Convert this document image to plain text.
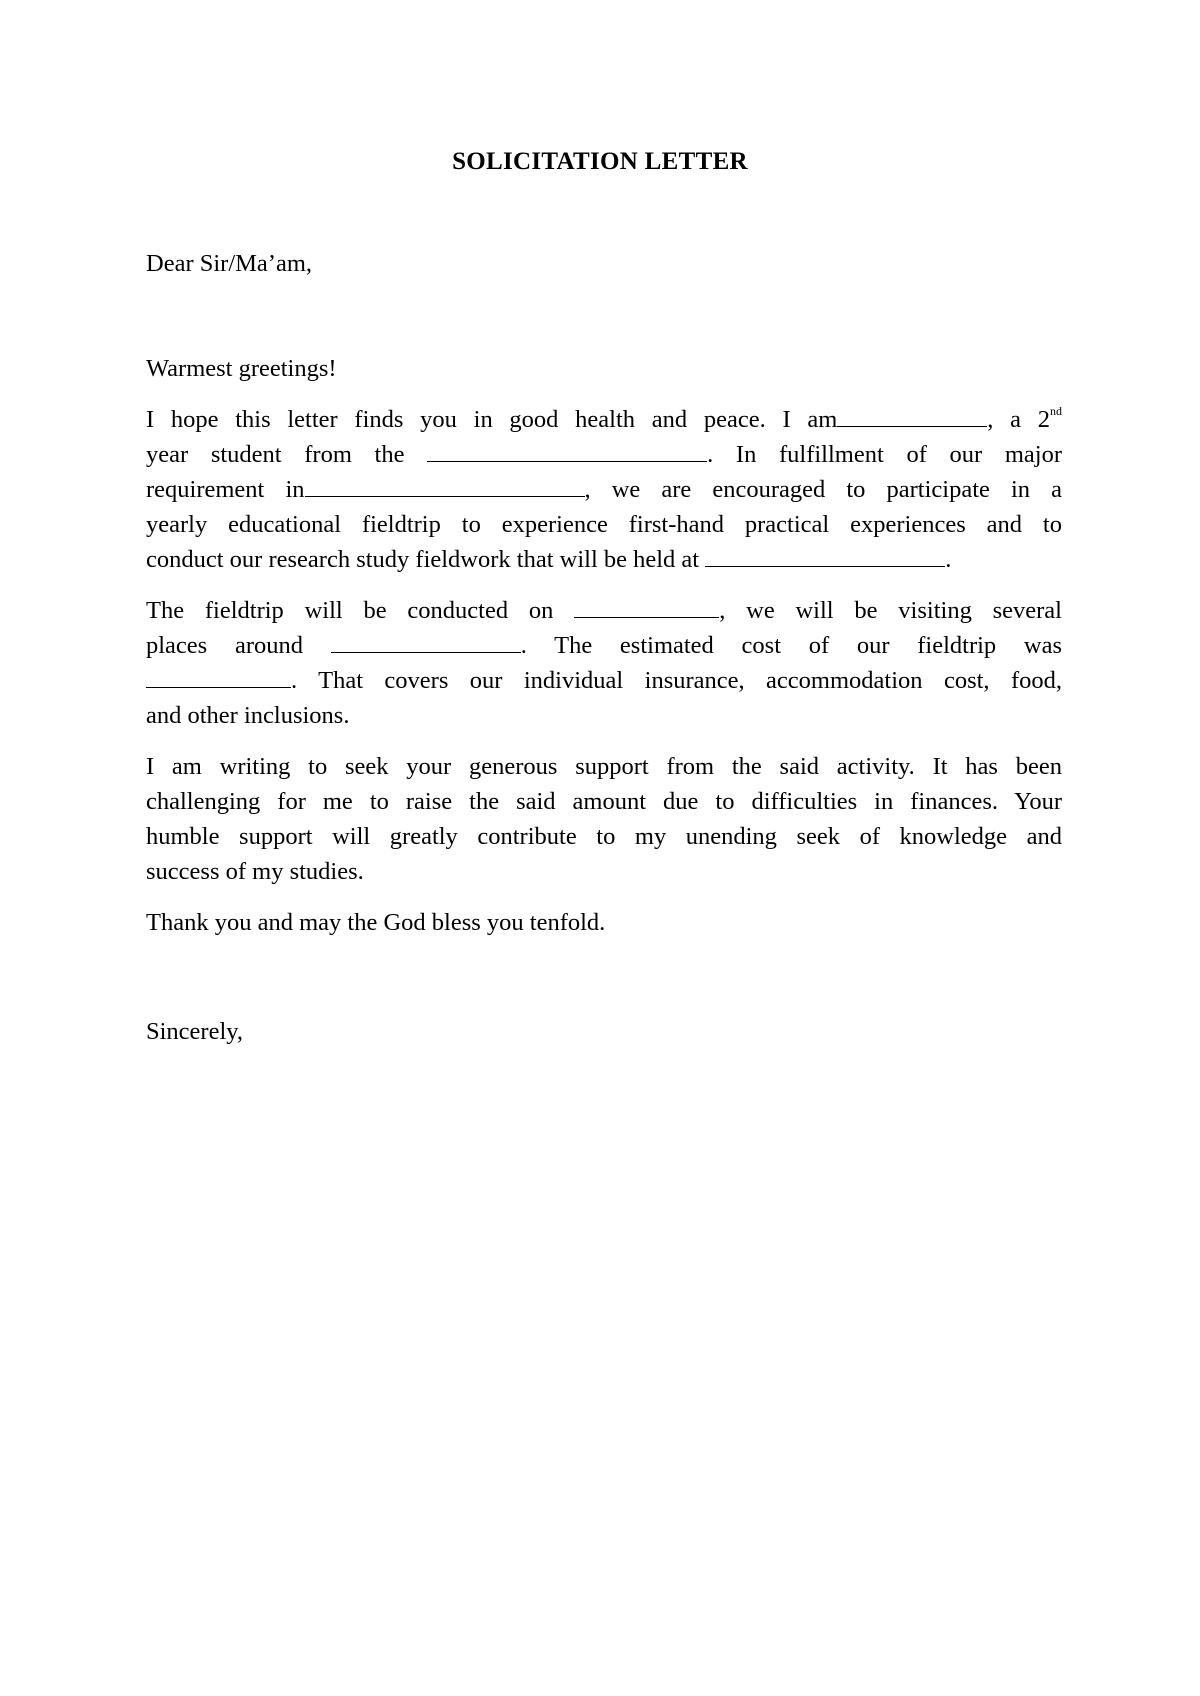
SOLICITATION LETTER
Dear Sir/Ma’am,
Warmest greetings!
I hope this letter finds you in good health and peace. I am	, a 2nd
year student from the	. In fulfillment of our major
requirement in	, we are encouraged to participate in a
yearly educational fieldtrip to experience first-hand practical experiences and to
conduct our research study fieldwork that will be held at	.
The fieldtrip will be conducted on	, we will be visiting several
places around	. The estimated cost of our fieldtrip was
. That covers our individual insurance, accommodation cost, food,
and other inclusions.
I am writing to seek your generous support from the said activity. It has been
challenging for me to raise the said amount due to difficulties in finances. Your
humble support will greatly contribute to my unending seek of knowledge and
success of my studies.
Thank you and may the God bless you tenfold.
Sincerely,
